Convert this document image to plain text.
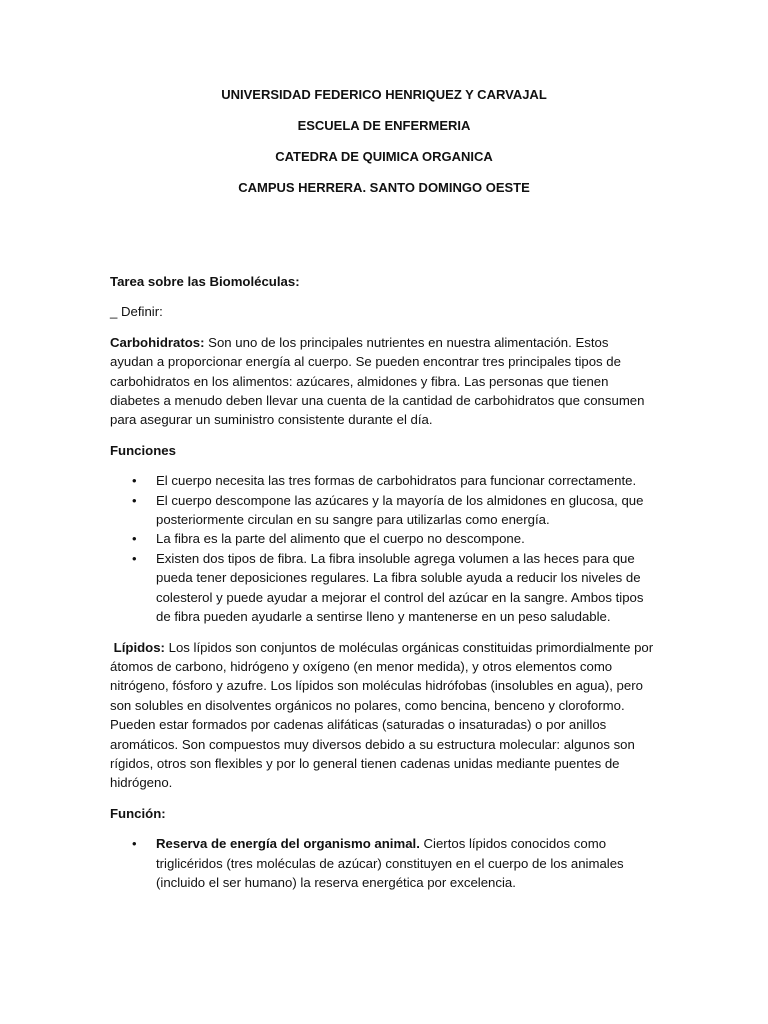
UNIVERSIDAD FEDERICO HENRIQUEZ Y CARVAJAL
ESCUELA DE ENFERMERIA
CATEDRA DE QUIMICA ORGANICA
CAMPUS HERRERA. SANTO DOMINGO OESTE

Tarea sobre las Biomoléculas:

_ Definir:

Carbohidratos: Son uno de los principales nutrientes en nuestra alimentación. Estos ayudan a proporcionar energía al cuerpo. Se pueden encontrar tres principales tipos de carbohidratos en los alimentos: azúcares, almidones y fibra. Las personas que tienen diabetes a menudo deben llevar una cuenta de la cantidad de carbohidratos que consumen para asegurar un suministro consistente durante el día.

Funciones

• El cuerpo necesita las tres formas de carbohidratos para funcionar correctamente.
• El cuerpo descompone las azúcares y la mayoría de los almidones en glucosa, que posteriormente circulan en su sangre para utilizarlas como energía.
• La fibra es la parte del alimento que el cuerpo no descompone.
• Existen dos tipos de fibra. La fibra insoluble agrega volumen a las heces para que pueda tener deposiciones regulares. La fibra soluble ayuda a reducir los niveles de colesterol y puede ayudar a mejorar el control del azúcar en la sangre. Ambos tipos de fibra pueden ayudarle a sentirse lleno y mantenerse en un peso saludable.

Lípidos: Los lípidos son conjuntos de moléculas orgánicas constituidas primordialmente por átomos de carbono, hidrógeno y oxígeno (en menor medida), y otros elementos como nitrógeno, fósforo y azufre. Los lípidos son moléculas hidrófobas (insolubles en agua), pero son solubles en disolventes orgánicos no polares, como bencina, benceno y cloroformo. Pueden estar formados por cadenas alifáticas (saturadas o insaturadas) o por anillos aromáticos. Son compuestos muy diversos debido a su estructura molecular: algunos son rígidos, otros son flexibles y por lo general tienen cadenas unidas mediante puentes de hidrógeno.

Función:

• Reserva de energía del organismo animal. Ciertos lípidos conocidos como triglicéridos (tres moléculas de azúcar) constituyen en el cuerpo de los animales (incluido el ser humano) la reserva energética por excelencia.
